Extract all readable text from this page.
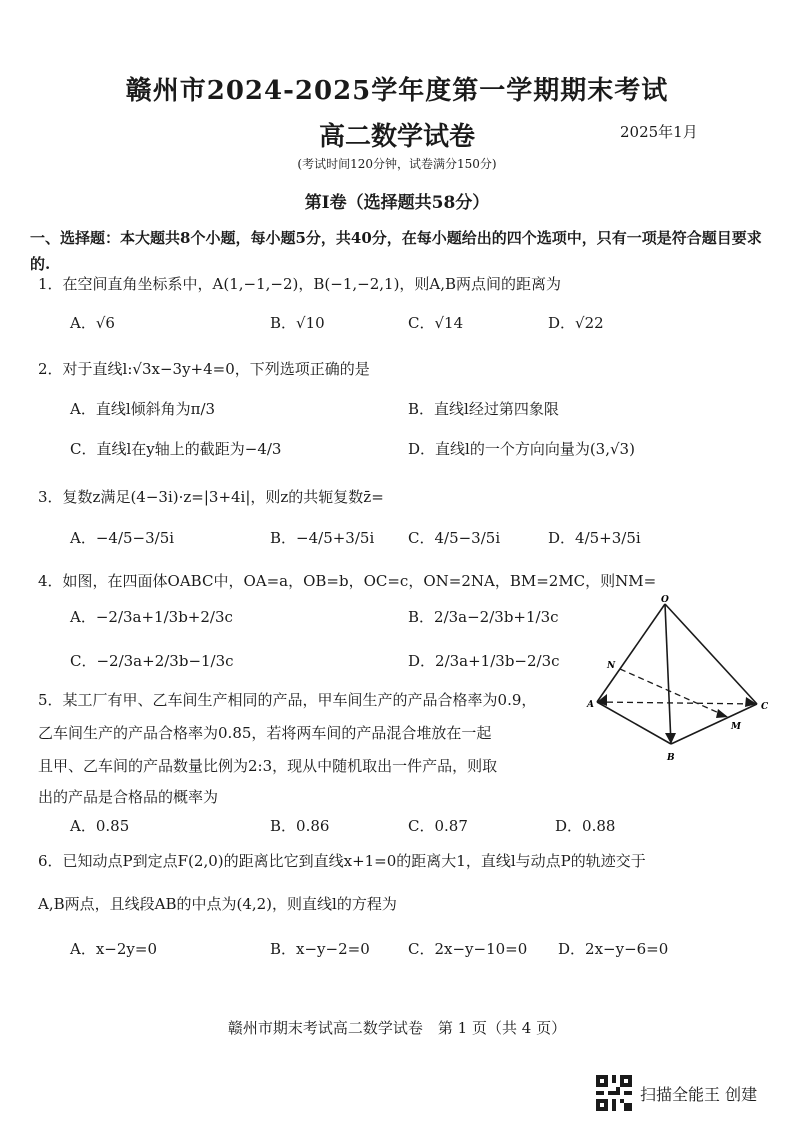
赣州市2024-2025学年度第一学期期末考试
高二数学试卷	2025年1月
(考试时间120分钟，试卷满分150分)
第Ⅰ卷（选择题共58分）
一、选择题：本大题共8个小题，每小题5分，共40分，在每小题给出的四个选项中，只有一项是符合题目要求的.
1．在空间直角坐标系中，A(1,−1,−2)，B(−1,−2,1)，则A,B两点间的距离为
A．√6	B．√10	C．√14	D．√22
2．对于直线l:√3x−3y+4=0，下列选项正确的是
A．直线l倾斜角为π/3	B．直线l经过第四象限
C．直线l在y轴上的截距为−4/3	D．直线l的一个方向向量为(3,√3)
3．复数z满足(4−3i)·z=|3+4i|，则z的共轭复数z̄=
A．−4/5−3/5i	B．−4/5+3/5i C．4/5−3/5i	D．4/5+3/5i
4．如图，在四面体OABC中，OA=a，OB=b，OC=c，ON=2NA，BM=2MC，则NM=
A．−2/3a+1/3b+2/3c	B．2/3a−2/3b+1/3c
C．−2/3a+2/3b−1/3c	D．2/3a+1/3b−2/3c
O
A
B
C
N
M
5．某工厂有甲、乙车间生产相同的产品，甲车间生产的产品合格率为0.9，
乙车间生产的产品合格率为0.85，若将两车间的产品混合堆放在一起
且甲、乙车间的产品数量比例为2:3，现从中随机取出一件产品，则取
出的产品是合格品的概率为
A．0.85	B．0.86	C．0.87	D．0.88
6．已知动点P到定点F(2,0)的距离比它到直线x+1=0的距离大1，直线l与动点P的轨迹交于
A,B两点，且线段AB的中点为(4,2)，则直线l的方程为
A．x−2y=0	B．x−y−2=0	C．2x−y−10=0 D．2x−y−6=0
赣州市期末考试高二数学试卷　第 1 页（共 4 页）
扫描全能王 创建
